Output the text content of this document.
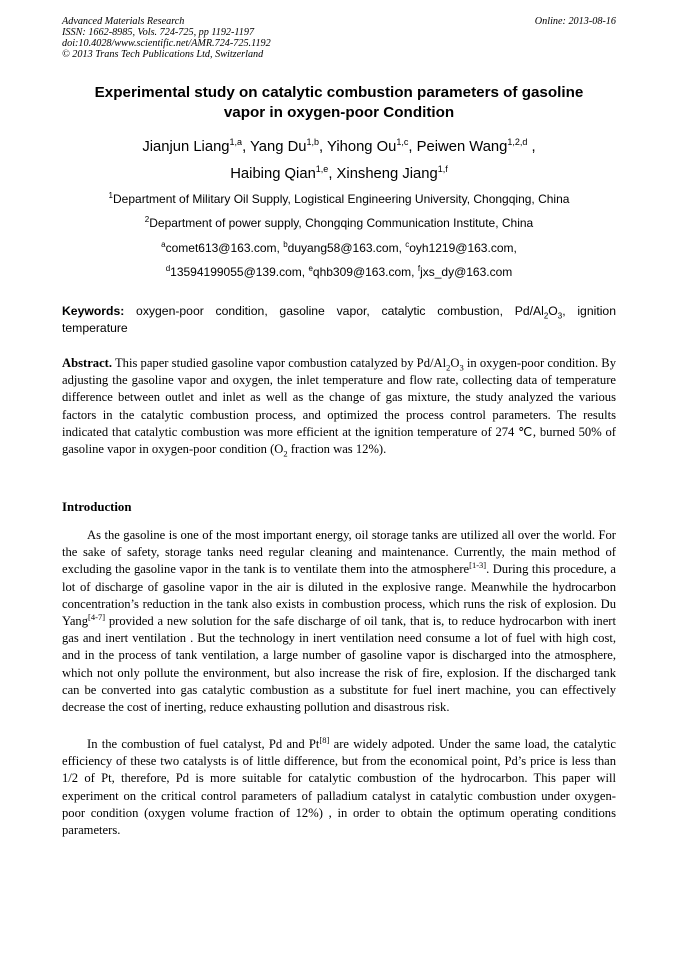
Advanced Materials Research
ISSN: 1662-8985, Vols. 724-725, pp 1192-1197
doi:10.4028/www.scientific.net/AMR.724-725.1192
© 2013 Trans Tech Publications Ltd, Switzerland
Online: 2013-08-16
Experimental study on catalytic combustion parameters of gasoline
vapor in oxygen-poor Condition
Jianjun Liang$^{1,a}$, Yang Du$^{1,b}$, Yihong Ou$^{1,c}$, Peiwen Wang$^{1,2,d}$ ,
Haibing Qian$^{1,e}$, Xinsheng Jiang$^{1,f}$
$^1$Department of Military Oil Supply, Logistical Engineering University, Chongqing, China
$^2$Department of power supply, Chongqing Communication Institute, China
$^a$comet613@163.com, $^b$duyang58@163.com, $^c$oyh1219@163.com,
$^d$13594199055@139.com, $^e$qhb309@163.com, $^f$jxs_dy@163.com
Keywords: oxygen-poor condition, gasoline vapor, catalytic combustion, $Pd/Al_2O_3$, ignition temperature
Abstract. This paper studied gasoline vapor combustion catalyzed by $Pd/Al_2O_3$ in oxygen-poor condition. By adjusting the gasoline vapor and oxygen, the inlet temperature and flow rate, collecting data of temperature difference between outlet and inlet as well as the change of gas mixture, the study analyzed the various factors in the catalytic combustion process, and optimized the process control parameters. The results indicated that catalytic combustion was more efficient at the ignition temperature of 274 ℃, burned 50% of gasoline vapor in oxygen-poor condition ($O_2$ fraction was 12%).
Introduction
As the gasoline is one of the most important energy, oil storage tanks are utilized all over the world. For the sake of safety, storage tanks need regular cleaning and maintenance. Currently, the main method of excluding the gasoline vapor in the tank is to ventilate them into the atmosphere[1-3]. During this procedure, a lot of discharge of gasoline vapor in the air is diluted in the explosive range. Meanwhile the hydrocarbon concentration’s reduction in the tank also exists in combustion process, which runs the risk of explosion. Du Yang[4-7] provided a new solution for the safe discharge of oil tank, that is, to reduce hydrocarbon with inert gas and inert ventilation . But the technology in inert ventilation need consume a lot of fuel with high cost, and in the process of tank ventilation, a large number of gasoline vapor is discharged into the atmosphere, which not only pollute the environment, but also increase the risk of fire, explosion. If the discharged tank can be converted into gas catalytic combustion as a substitute for fuel inert machine, you can effectively decrease the cost of inerting, reduce exhausting pollution and disastrous risk.
In the combustion of fuel catalyst, Pd and Pt[8] are widely adpoted. Under the same load, the catalytic efficiency of these two catalysts is of little difference, but from the economical point, Pd’s price is less than 1/2 of Pt, therefore, Pd is more suitable for catalytic combustion of the hydrocarbon. This paper will experiment on the critical control parameters of palladium catalyst in catalytic combustion under oxygen-poor condition (oxygen volume fraction of 12%) , in order to obtain the optimum operating conditions parameters.
